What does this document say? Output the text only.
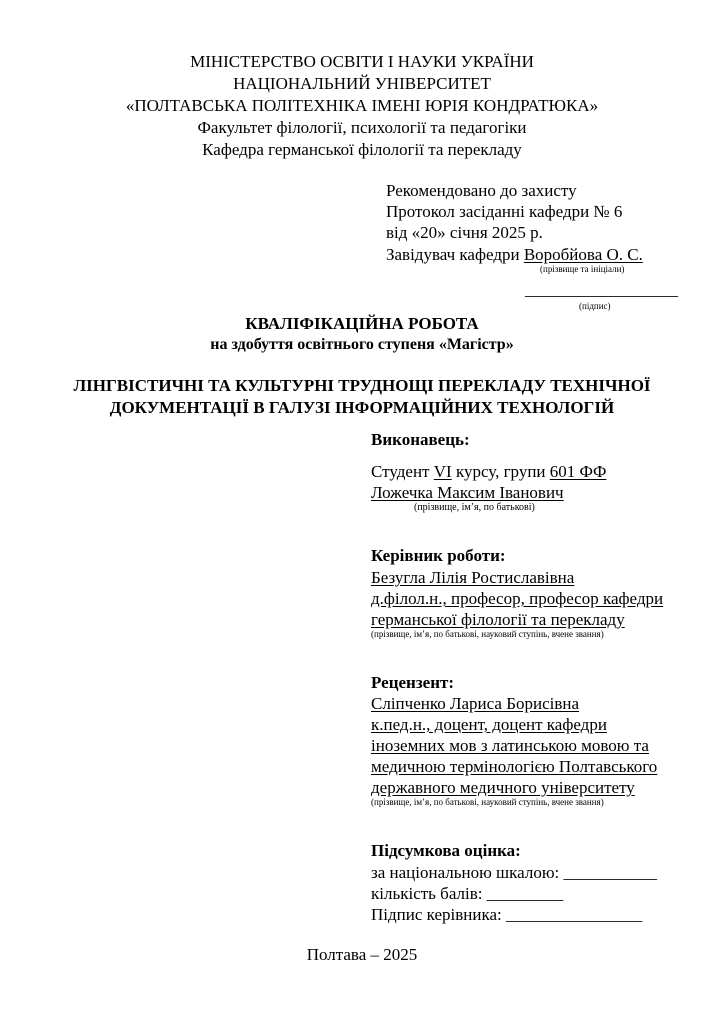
МІНІСТЕРСТВО ОСВІТИ І НАУКИ УКРАЇНИ
НАЦІОНАЛЬНИЙ УНІВЕРСИТЕТ
«ПОЛТАВСЬКА ПОЛІТЕХНІКА ІМЕНІ ЮРІЯ КОНДРАТЮКА»
Факультет філології, психології та педагогіки
Кафедра германської філології та перекладу
Рекомендовано до захисту
Протокол засіданні кафедри № 6
від «20» січня 2025 р.
Завідувач кафедри Воробйова О. С.
(прізвище та ініціали)
__________________
(підпис)
КВАЛІФІКАЦІЙНА РОБОТА
на здобуття освітнього ступеня «Магістр»
ЛІНГВІСТИЧНІ ТА КУЛЬТУРНІ ТРУДНОЩІ ПЕРЕКЛАДУ ТЕХНІЧНОЇ
ДОКУМЕНТАЦІЇ В ГАЛУЗІ ІНФОРМАЦІЙНИХ ТЕХНОЛОГІЙ
Виконавець:
Студент VI курсу, групи 601 ФФ
Ложечка Максим Іванович
(прізвище, ім’я, по батькові)
Керівник роботи:
Безугла Лілія Ростиславівна
д.філол.н., професор, професор кафедри
германської філології та перекладу
(прізвище, ім’я, по батькові, науковий ступінь, вчене звання)
Рецензент:
Сліпченко Лариса Борисівна
к.пед.н., доцент, доцент кафедри
іноземних мов з латинською мовою та
медичною термінологією Полтавського
державного медичного університету
(прізвище, ім’я, по батькові, науковий ступінь, вчене звання)
Підсумкова оцінка:
за національною шкалою: ___________
кількість балів: _________
Підпис керівника: ________________
Полтава – 2025
